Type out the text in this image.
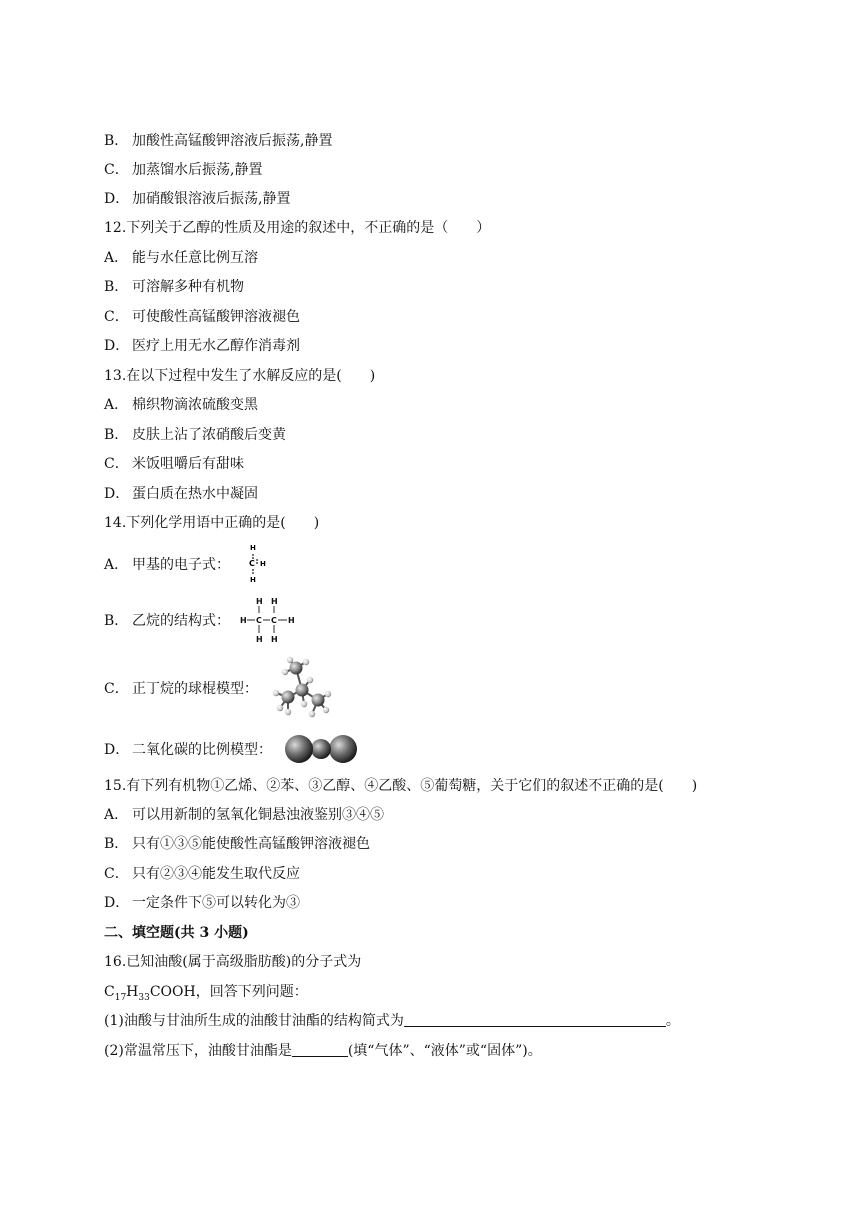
B． 加酸性高锰酸钾溶液后振荡,静置
C． 加蒸馏水后振荡,静置
D． 加硝酸银溶液后振荡,静置
12.下列关于乙醇的性质及用途的叙述中，不正确的是（　　）
A． 能与水任意比例互溶
B． 可溶解多种有机物
C． 可使酸性高锰酸钾溶液褪色
D． 医疗上用无水乙醇作消毒剂
13.在以下过程中发生了水解反应的是(　　)
A． 棉织物滴浓硫酸变黑
B． 皮肤上沾了浓硝酸后变黄
C． 米饭咀嚼后有甜味
D． 蛋白质在热水中凝固
14.下列化学用语中正确的是(　　)
A． 甲基的电子式：
H
C H
H
B． 乙烷的结构式：
H H
H C C H
H H
C． 正丁烷的球棍模型：
D． 二氧化碳的比例模型：
15.有下列有机物①乙烯、②苯、③乙醇、④乙酸、⑤葡萄糖，关于它们的叙述不正确的是(　　)
A． 可以用新制的氢氧化铜悬浊液鉴别③④⑤
B． 只有①③⑤能使酸性高锰酸钾溶液褪色
C． 只有②③④能发生取代反应
D． 一定条件下⑤可以转化为③
二、填空题(共 3 小题)
16.已知油酸(属于高级脂肪酸)的分子式为
$C_{17}H_{33}COOH$，回答下列问题：
(1)油酸与甘油所生成的油酸甘油酯的结构简式为	。
(2)常温常压下，油酸甘油酯是	(填“气体”、“液体”或“固体”)。
